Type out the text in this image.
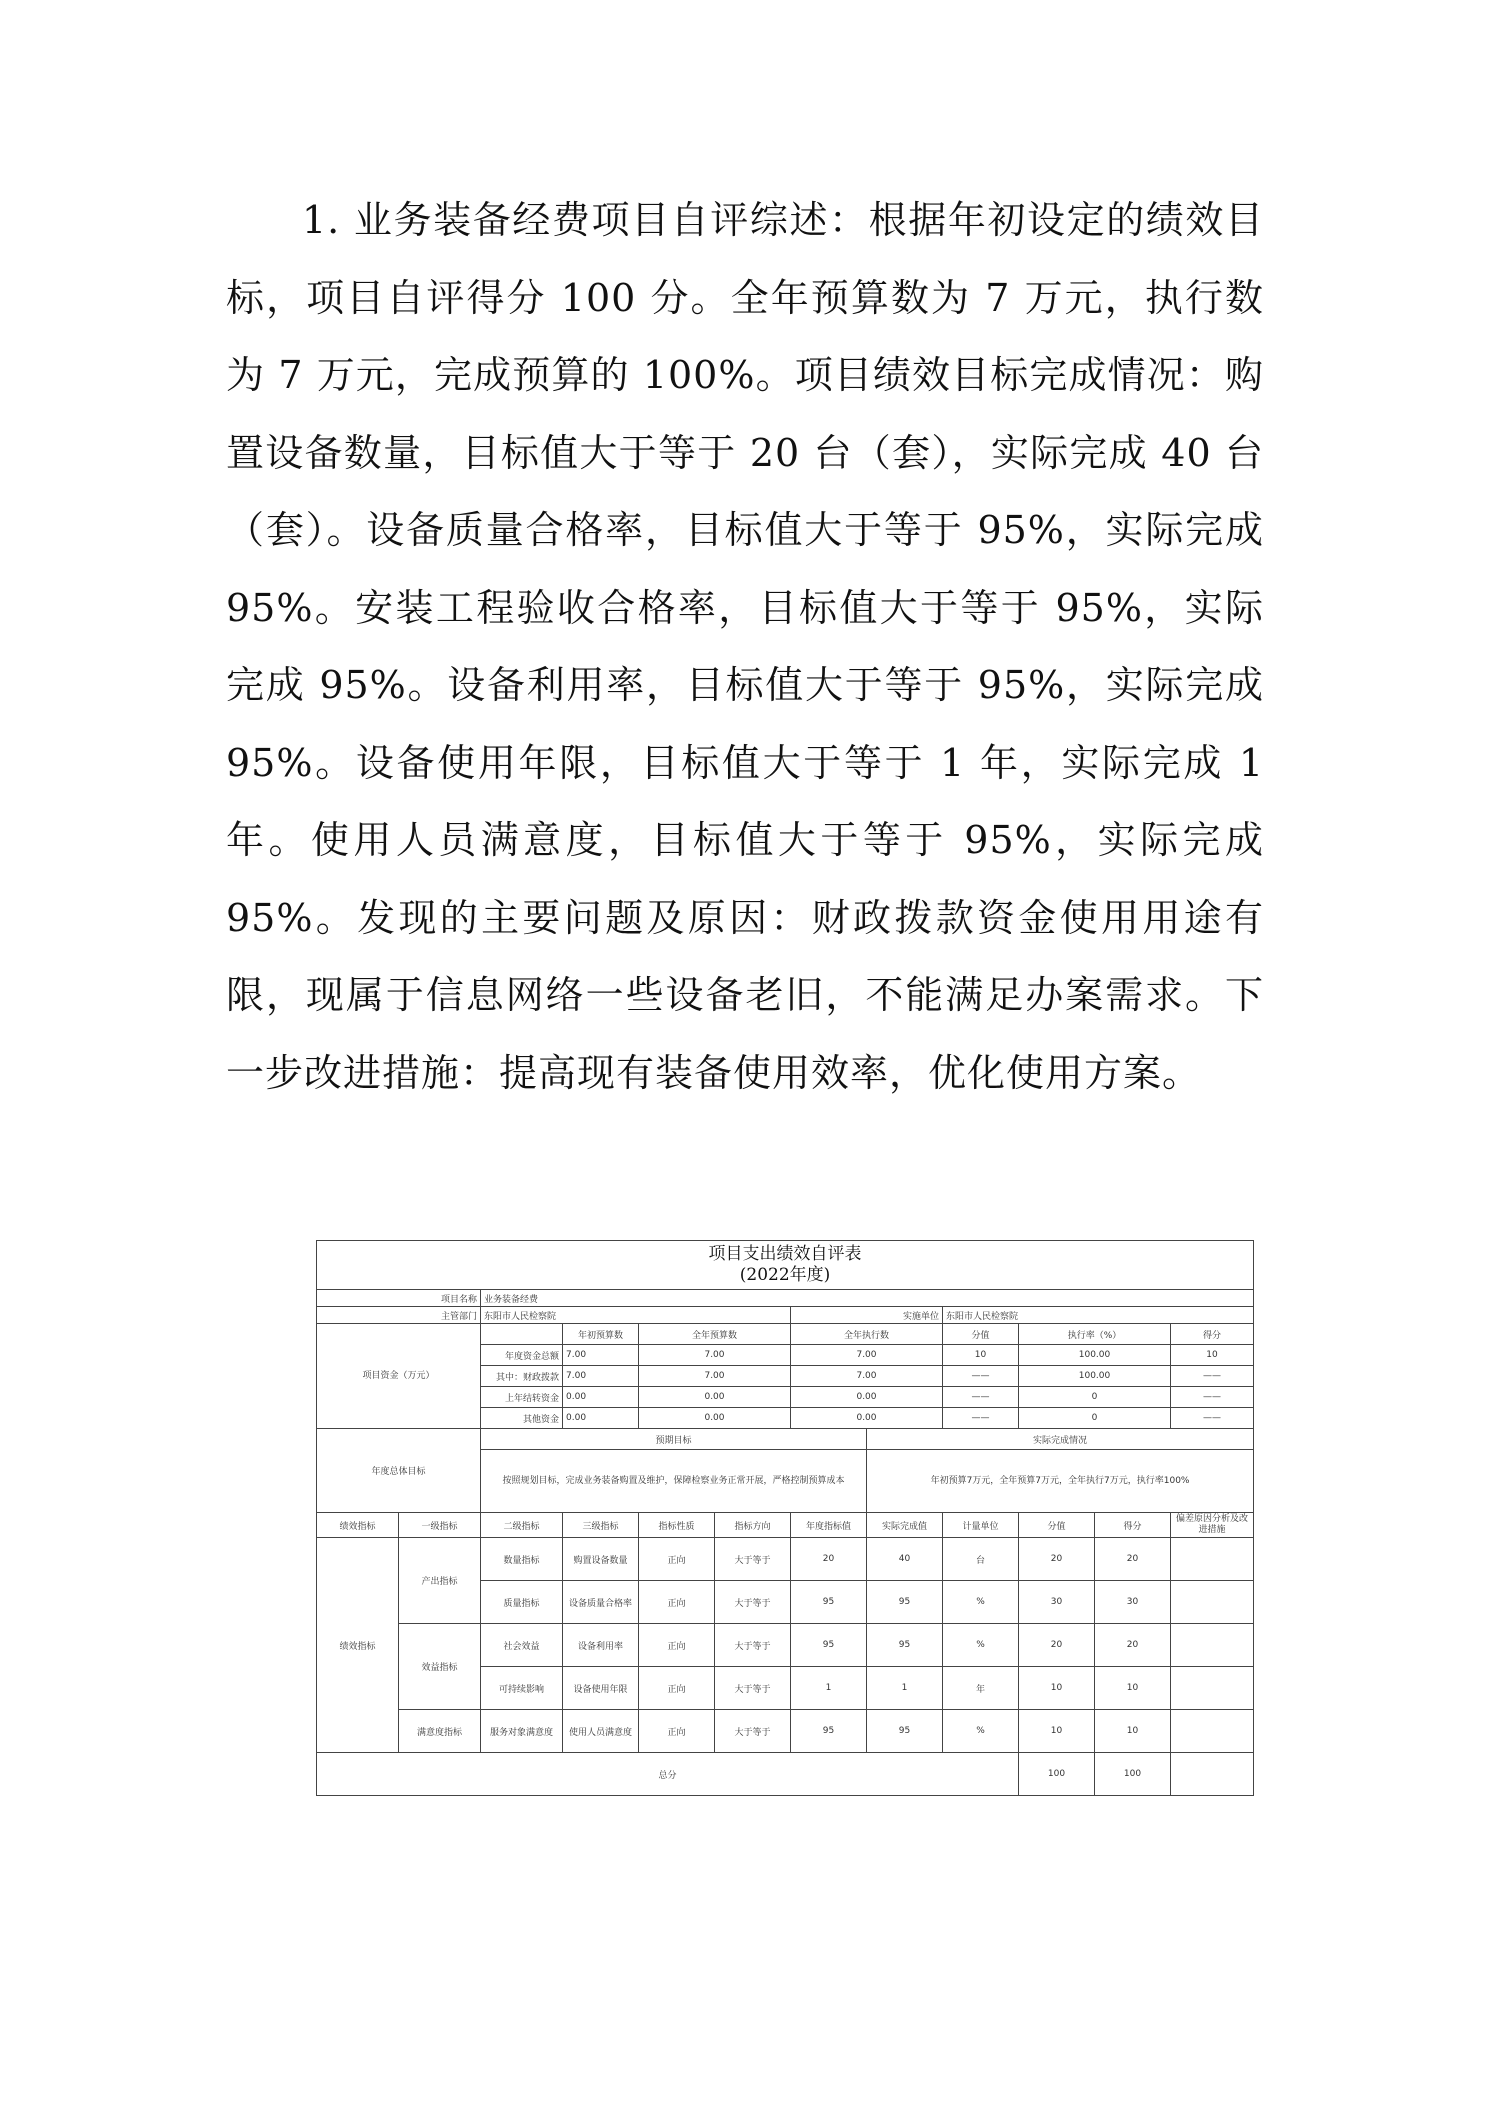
1. 业务装备经费项目自评综述：根据年初设定的绩效目标，项目自评得分 100 分。全年预算数为 7 万元，执行数为 7 万元，完成预算的 100%。项目绩效目标完成情况：购置设备数量，目标值大于等于 20 台（套），实际完成 40 台（套）。设备质量合格率，目标值大于等于 95%，实际完成 95%。安装工程验收合格率，目标值大于等于 95%，实际完成 95%。设备利用率，目标值大于等于 95%，实际完成 95%。设备使用年限，目标值大于等于 1 年，实际完成 1 年。使用人员满意度，目标值大于等于 95%，实际完成 95%。发现的主要问题及原因：财政拨款资金使用用途有限，现属于信息网络一些设备老旧，不能满足办案需求。下一步改进措施：提高现有装备使用效率，优化使用方案。
项目支出绩效自评表
(2022年度)											

项目名称		业务装备经费									
主管部门		东阳市人民检察院				实施单位		东阳市人民检察院			
项目资金（万元）			年初预算数	全年预算数		全年执行数		分值	执行率（%）		得分
		年度资金总额	7.00	7.00		7.00		10	100.00		10
		其中：财政拨款	7.00	7.00		7.00		——	100.00		——
		上年结转资金	0.00	0.00		0.00		——	0		——
		其他资金	0.00	0.00		0.00		——	0		——
年度总体目标		预期目标					实际完成情况				
		按照规划目标，完成业务装备购置及维护，保障检察业务正常开展，严格控制预算成本					年初预算7万元，全年预算7万元，全年执行7万元，执行率100%				
绩效指标	一级指标	二级指标	三级指标	指标性质	指标方向	年度指标值	实际完成值	计量单位	分值	得分	偏差原因分析及改进措施
绩效指标	产出指标	数量指标	购置设备数量	正向	大于等于	20	40	台	20	20	
		质量指标	设备质量合格率	正向	大于等于	95	95	%	30	30	
	效益指标	社会效益	设备利用率	正向	大于等于	95	95	%	20	20	
		可持续影响	设备使用年限	正向	大于等于	1	1	年	10	10	
	满意度指标	服务对象满意度	使用人员满意度	正向	大于等于	95	95	%	10	10	
总分									100	100	
